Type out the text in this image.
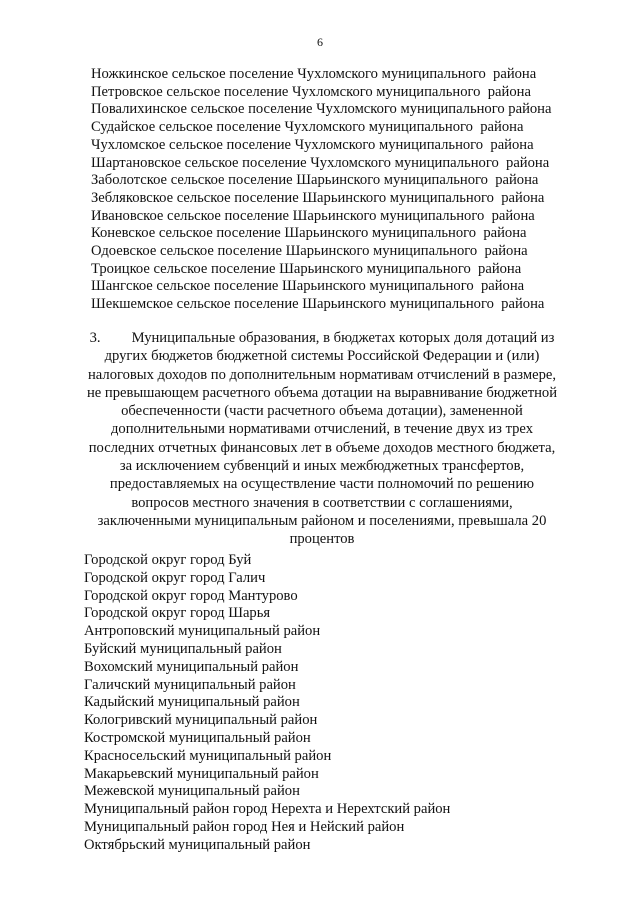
6
Ножкинское сельское поселение Чухломского муниципального  района
Петровское сельское поселение Чухломского муниципального  района
Повалихинское сельское поселение Чухломского муниципального района
Судайское сельское поселение Чухломского муниципального  района
Чухломское сельское поселение Чухломского муниципального  района
Шартановское сельское поселение Чухломского муниципального  района
Заболотское сельское поселение Шарьинского муниципального  района
Зебляковское сельское поселение Шарьинского муниципального  района
Ивановское сельское поселение Шарьинского муниципального  района
Коневское сельское поселение Шарьинского муниципального  района
Одоевское сельское поселение Шарьинского муниципального  района
Троицкое сельское поселение Шарьинского муниципального  района
Шангское сельское поселение Шарьинского муниципального  района
Шекшемское сельское поселение Шарьинского муниципального  района

3. Муниципальные образования, в бюджетах которых доля дотаций из других бюджетов бюджетной системы Российской Федерации и (или) налоговых доходов по дополнительным нормативам отчислений в размере, не превышающем расчетного объема дотации на выравнивание бюджетной обеспеченности (части расчетного объема дотации), замененной дополнительными нормативами отчислений, в течение двух из трех последних отчетных финансовых лет в объеме доходов местного бюджета, за исключением субвенций и иных межбюджетных трансфертов, предоставляемых на осуществление части полномочий по решению вопросов местного значения в соответствии с соглашениями, заключенными муниципальным районом и поселениями, превышала 20 процентов

Городской округ город Буй
Городской округ город Галич
Городской округ город Мантурово
Городской округ город Шарья
Антроповский муниципальный район
Буйский муниципальный район
Вохомский муниципальный район
Галичский муниципальный район
Кадыйский муниципальный район
Кологривский муниципальный район
Костромской муниципальный район
Красносельский муниципальный район
Макарьевский муниципальный район
Межевской муниципальный район
Муниципальный район город Нерехта и Нерехтский район
Муниципальный район город Нея и Нейский район
Октябрьский муниципальный район
